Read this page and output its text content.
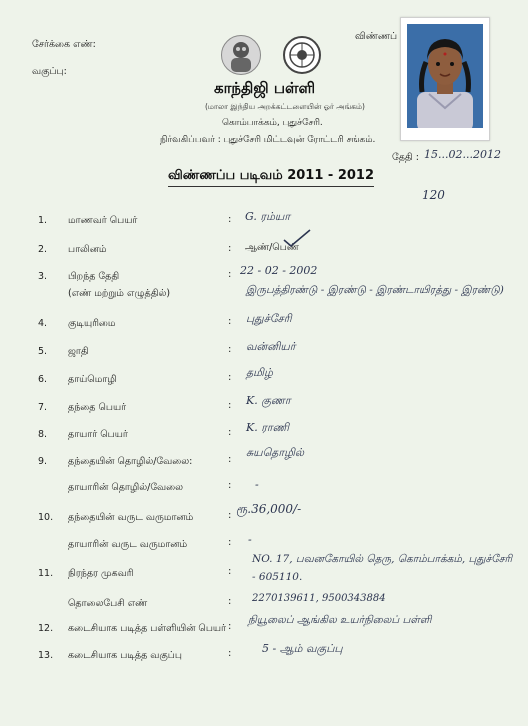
சேர்க்கை எண்:
வகுப்பு:
விண்ணப்
காந்திஜி பள்ளி
(மாலா இந்திய அறக்கட்டளையின் ஓர் அங்கம்)
கொம்பாக்கம், புதுச்சேரி.
நிர்வகிப்பவர் : புதுச்சேரி மிட்டவுன் ரோட்டரி சங்கம்.
தேதி : 15...02...2012
விண்ணப்ப படிவம் 2011 - 2012
120
1. மாணவர் பெயர்	: G. ரம்யா
2. பாலினம்	: ஆண்/பெண்
3. பிறந்த தேதி	: 22 - 02 - 2002
(எண் மற்றும் எழுத்தில்)	இருபத்திரண்டு - இரண்டு - இரண்டாயிரத்து - இரண்டு)
4. குடியுரிமை	: புதுச்சேரி
5. ஜாதி	: வன்னியர்
6. தாய்மொழி	: தமிழ்
7. தந்தை பெயர்	: K. குணா
8. தாயார் பெயர்	: K. ராணி
9. தந்தையின் தொழில்/வேலை:	:
சுயதொழில்
தாயாரின் தொழில்/வேலை	: -
10. தந்தையின் வருட வருமானம்	: ரூ.36,000/-
தாயாரின் வருட வருமானம்	: -
11. நிரந்தர முகவரி	:
NO. 17, பவனகோயில் தெரு, கொம்பாக்கம், புதுச்சேரி - 605110.
தொலைபேசி எண்	: 2270139611, 9500343884
12. கடைசியாக படித்த பள்ளியின் பெயர் :
நியூலைப் ஆங்கில உயர்நிலைப் பள்ளி
13. கடைசியாக படித்த வகுப்பு	:	5 - ஆம் வகுப்பு
